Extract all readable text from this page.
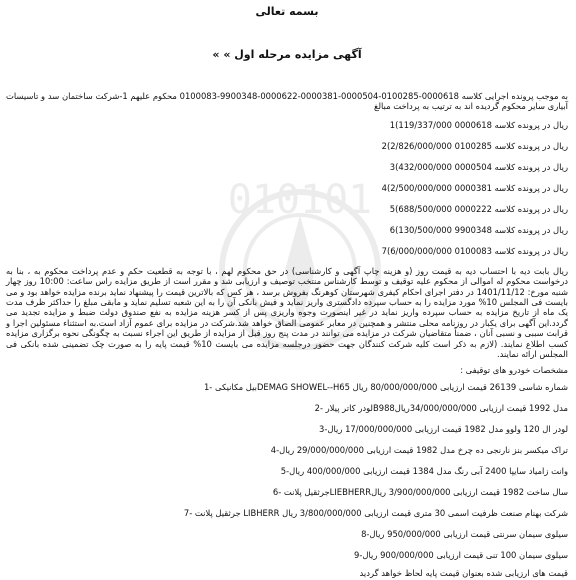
010101
بسمه تعالی
آگهی مزایده مرحله اول » »
به موجب پرونده اجرایی کلاسه 0000618-0100285-0000504-0000381-0000622-9900348-0100083 محکوم علیهم 1-شرکت ساختمان سد و تاسیسات آبیاری سایر محکوم گردیده اند به ترتیب به پرداخت مبالغ
ریال در پرونده کلاسه 0000618 119/337/000)1
ریال در پرونده کلاسه 0100285 2/826/000/000)2
ریال در پرونده کلاسه 0000504 432/000/000)3
ریال در پرونده کلاسه 0000381 2/500/000/000)4
ریال در پرونده کلاسه 0000222 688/500/000)5
ریال در پرونده کلاسه 9900348 130/500/000)6
ریال در پرونده کلاسه 0100083 6/000/000/000)7
ریال بابت دیه با احتساب دیه به قیمت روز (و هزینه چاپ آگهی و کارشناسی) در حق محکوم لهم ، با توجه به قطعیت حکم و عدم پرداخت محکوم به ، بنا به درخواست محکوم له اموالی از محکوم علیه توقیف و توسط کارشناس منتخب توصیف و ارزیابی شد و مقرر است از طریق مزایده راس ساعت: 10:00 روز چهار شنبه مورخ: 1401/11/12 در دفتر اجرای احکام کیفری شهرستان کوهرنگ بفروش برسد ، هر کس که بالاترین قیمت را پیشنهاد نماید برنده مزایده خواهد بود و می بایست فی المجلس 10% مورد مزایده را به حساب سپرده دادگستری واریز نماید و فیش بانکی آن را به این شعبه تسلیم نماید و مابقی مبلغ را حداکثر ظرف مدت یک ماه از تاریخ مزایده به حساب سپرده واریز نماید در غیر اینصورت وجوه واریزی پس از کسر هزینه مزایده به نفع صندوق دولت ضبط و مزایده تجدید می گردد.این آگهی برای یکبار در روزنامه محلی منتشر و همچنین در معابر عمومی الصاق خواهد شد.شرکت در مزایده برای عموم آزاد است.به استثناء مسئولین اجرا و قرابت سببی و نسبی آنان ، ضمناً متقاضیان شرکت در مزایده می توانند در مدت پنج روز قبل از مزایده از طریق این اجراء نسبت به چگونگی نحوه برگزاری مزایده کسب اطلاع نمایند. (لازم به ذکر است کلیه شرکت کنندگان جهت حضور درجلسه مزایده می بایست 10% قیمت پایه را به صورت چک تضمینی شده بانکی فی المجلس ارائه نمایند.
مشخصات خودرو های توقیفی :
شماره شاسی 26139 قیمت ارزیابی 80/000/000/000 ریال DEMAG SHOWEL--H65بیل مکانیکی -1
مدل 1992 قیمت ارزیابی 34/000/000/000ریالB988لودر کاتر پیلار -2
لودر ال 120 ولوو مدل 1982 قیمت ارزیابی 17/000/000/000 ریال-3
تراک میکسر بنز نارنجی ده چرخ مدل 1982 قیمت ارزیابی 29/000/000/000 ریال-4
وانت زامیاد سایپا 2400 آبی رنگ مدل 1384 قیمت ارزیابی 400/000/000 ریال-5
سال ساخت 1982 قیمت ارزیابی 3/900/000/000 ریالLIEBHERRجرثقیل پلانت -6
شرکت بهنام صنعت ظرفیت اسمی 30 متری قیمت ارزیابی 3/800/000/000 ریال LIBHERR جرثقیل پلانت -7
سیلوی سیمان سرنتی قیمت ارزیابی 950/000/000 ریال-8
سیلوی سیمان 100 تنی قیمت ارزیابی 900/000/000 ریال-9
قیمت های ارزیابی شده بعنوان قیمت پایه لحاظ خواهد گردید
